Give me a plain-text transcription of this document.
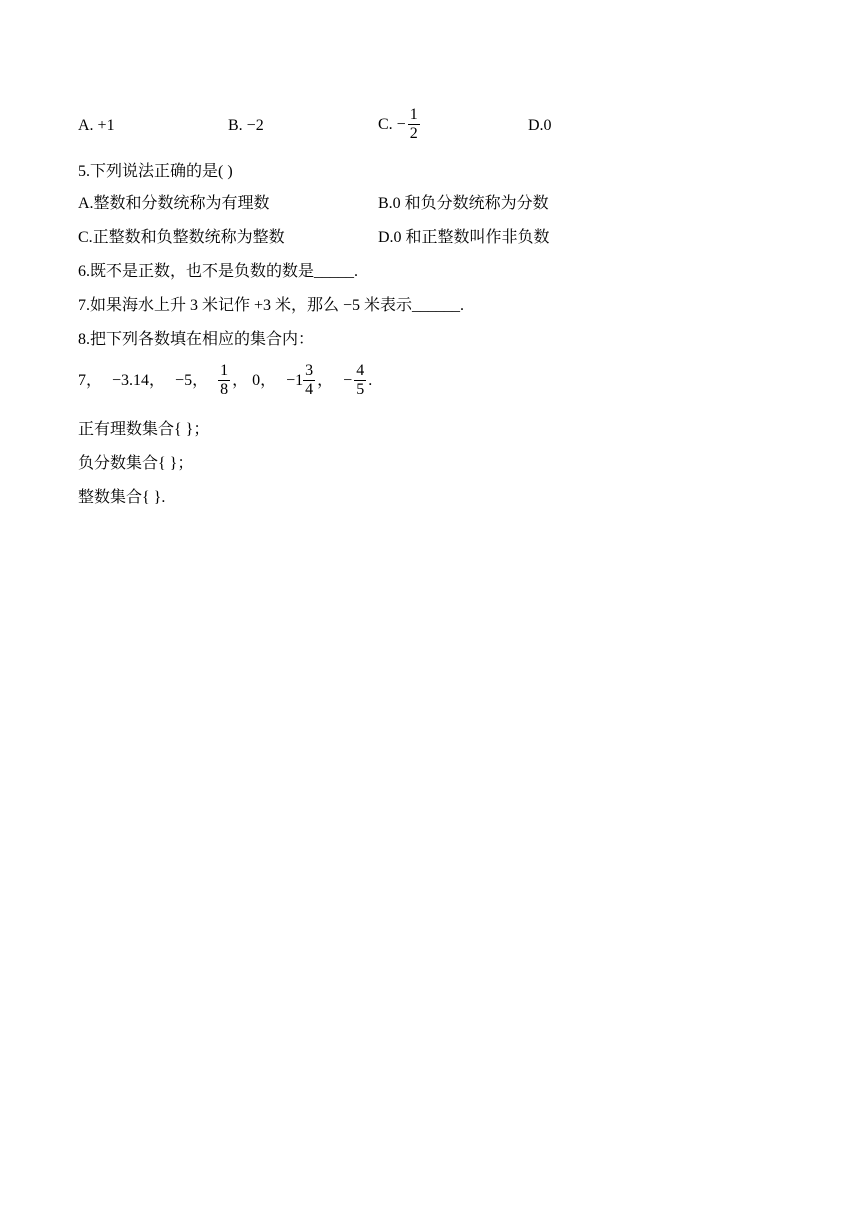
A. +1	B. −2	C. − $\frac{1}{2}$	D.0
5.下列说法正确的是( )
A.整数和分数统称为有理数	B.0 和负分数统称为分数
C.正整数和负整数统称为整数	D.0 和正整数叫作非负数
6.既不是正数，也不是负数的数是_____.
7.如果海水上升 3 米记作 +3 米，那么 −5 米表示______.
8.把下列各数填在相应的集合内：
7， −3.14， −5， $\frac{1}{8}$ ， 0， $-1 \frac{3}{4}$ ， − $\frac{4}{5}$ .
正有理数集合{ }；
负分数集合{ }；
整数集合{ }.
